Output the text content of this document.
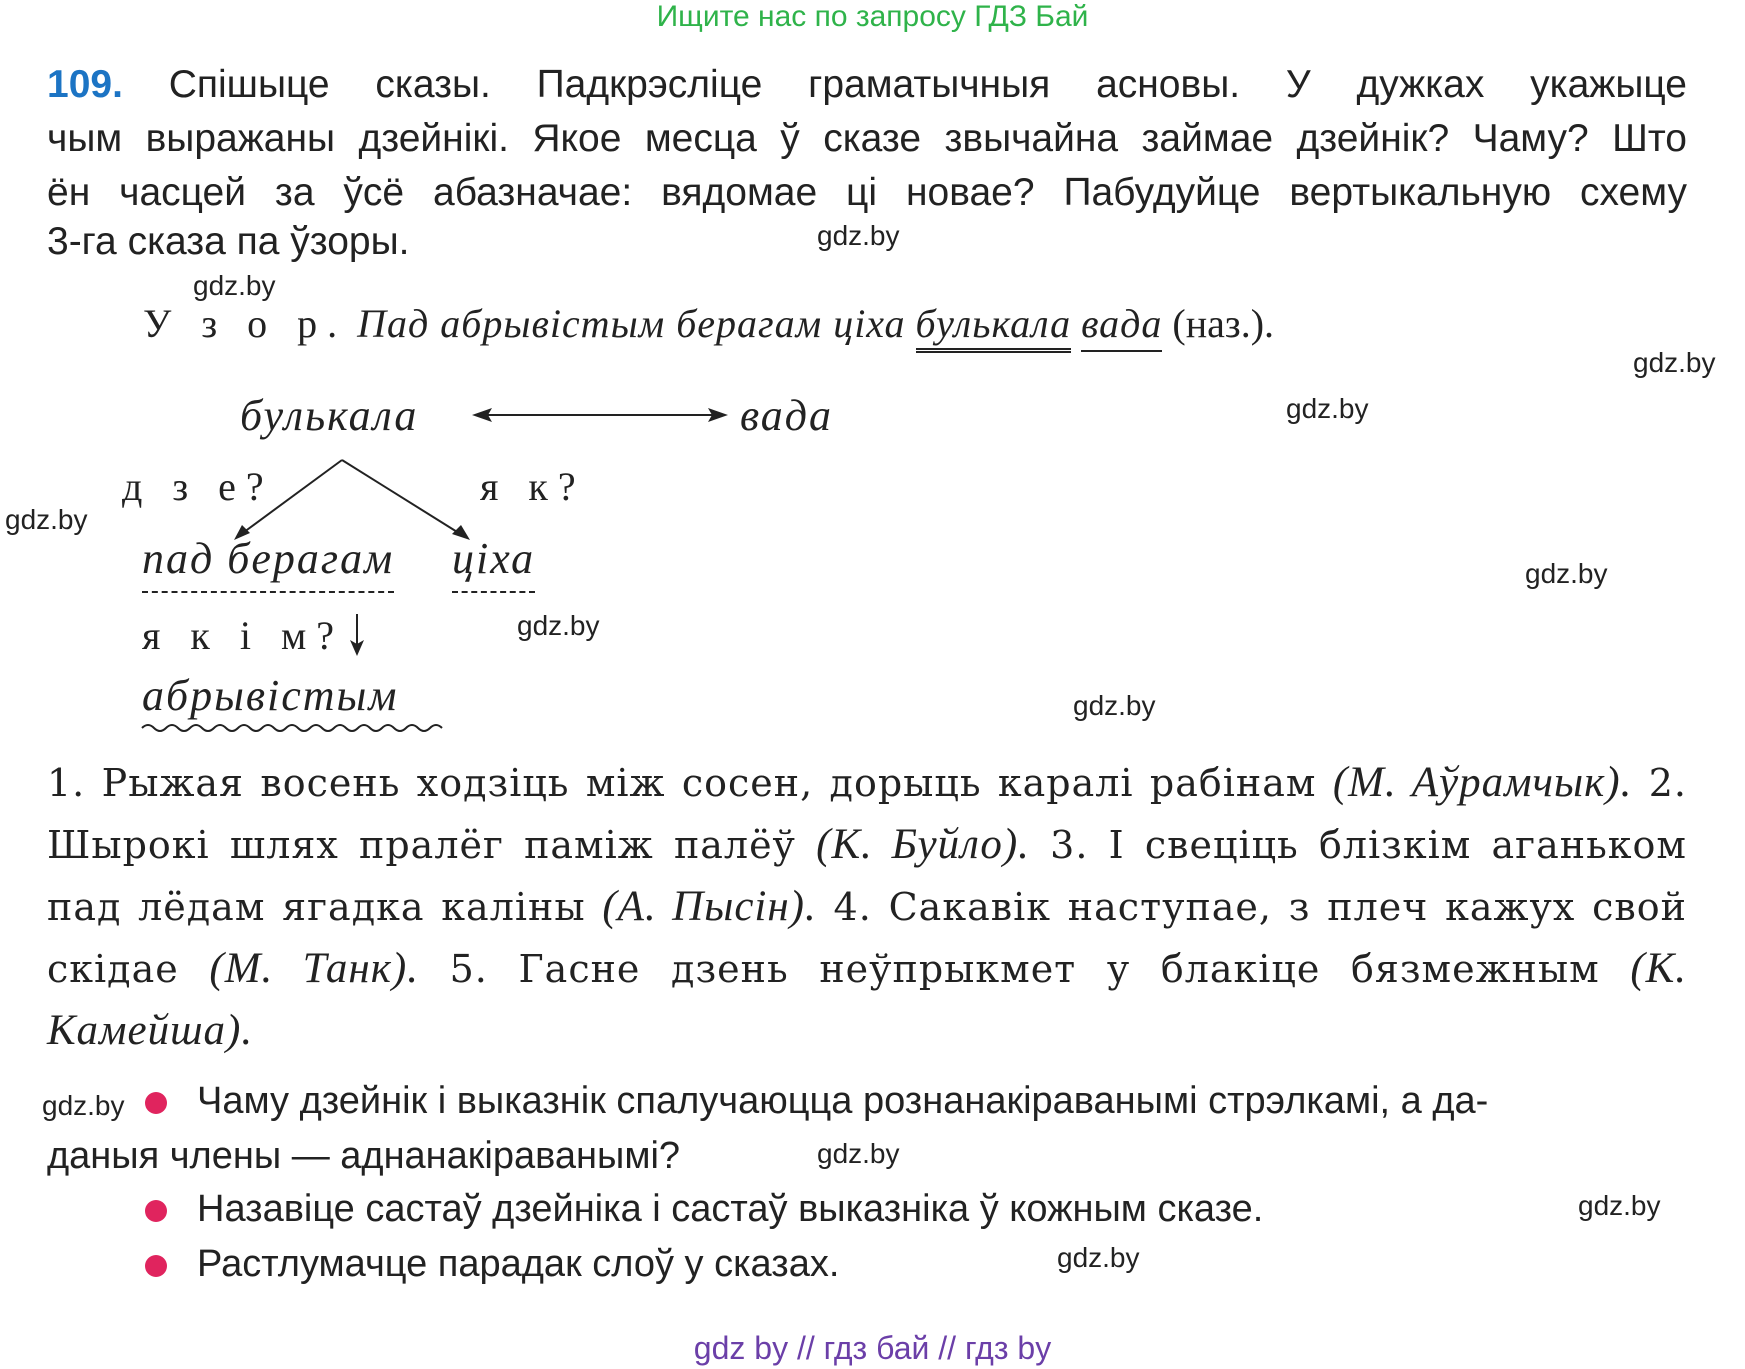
Ищите нас по запросу ГДЗ Бай
109. Спішыце сказы. Падкрэсліце граматычныя асновы. У дужках укажыце
чым выражаны дзейнікі. Якое месца ў сказе звычайна займае дзейнік? Чаму? Што
ён часцей за ўсё абазначае: вядомае ці новае? Пабудуйце вертыкальную схему
3-га сказа па ўзоры.
У з о р. Пад абрывістым берагам ціха булькала вада (наз.).
булькала	вада
д з е?	я к?
пад берагам ціха
я к і м?
абрывістым
1. Рыжая восень ходзіць між сосен, дорыць каралі рабінам (М. Аўрамчык). 2. Шырокі шлях пралёг паміж палёў (К. Буйло). 3. І свеціць блізкім аганьком пад лёдам ягадка каліны (А. Пысін). 4. Сакавік наступае, з плеч кажух свой скідае (М. Танк). 5. Гасне дзень неўпрыкмет у блакіце бязмежным (К. Камейша).
Чаму дзейнік і выказнік спалучаюцца рознанакіраванымі стрэлкамі, а да-
даныя члены — аднанакіраванымі?
Назавіце састаў дзейніка і састаў выказніка ў кожным сказе.
Растлумачце парадак слоў у сказах.
gdz.by
gdz.by
gdz.by
gdz.by
gdz.by
gdz.by
gdz.by
gdz.by
gdz.by
gdz.by
gdz.by
gdz.by
gdz by // гдз бай // гдз by
